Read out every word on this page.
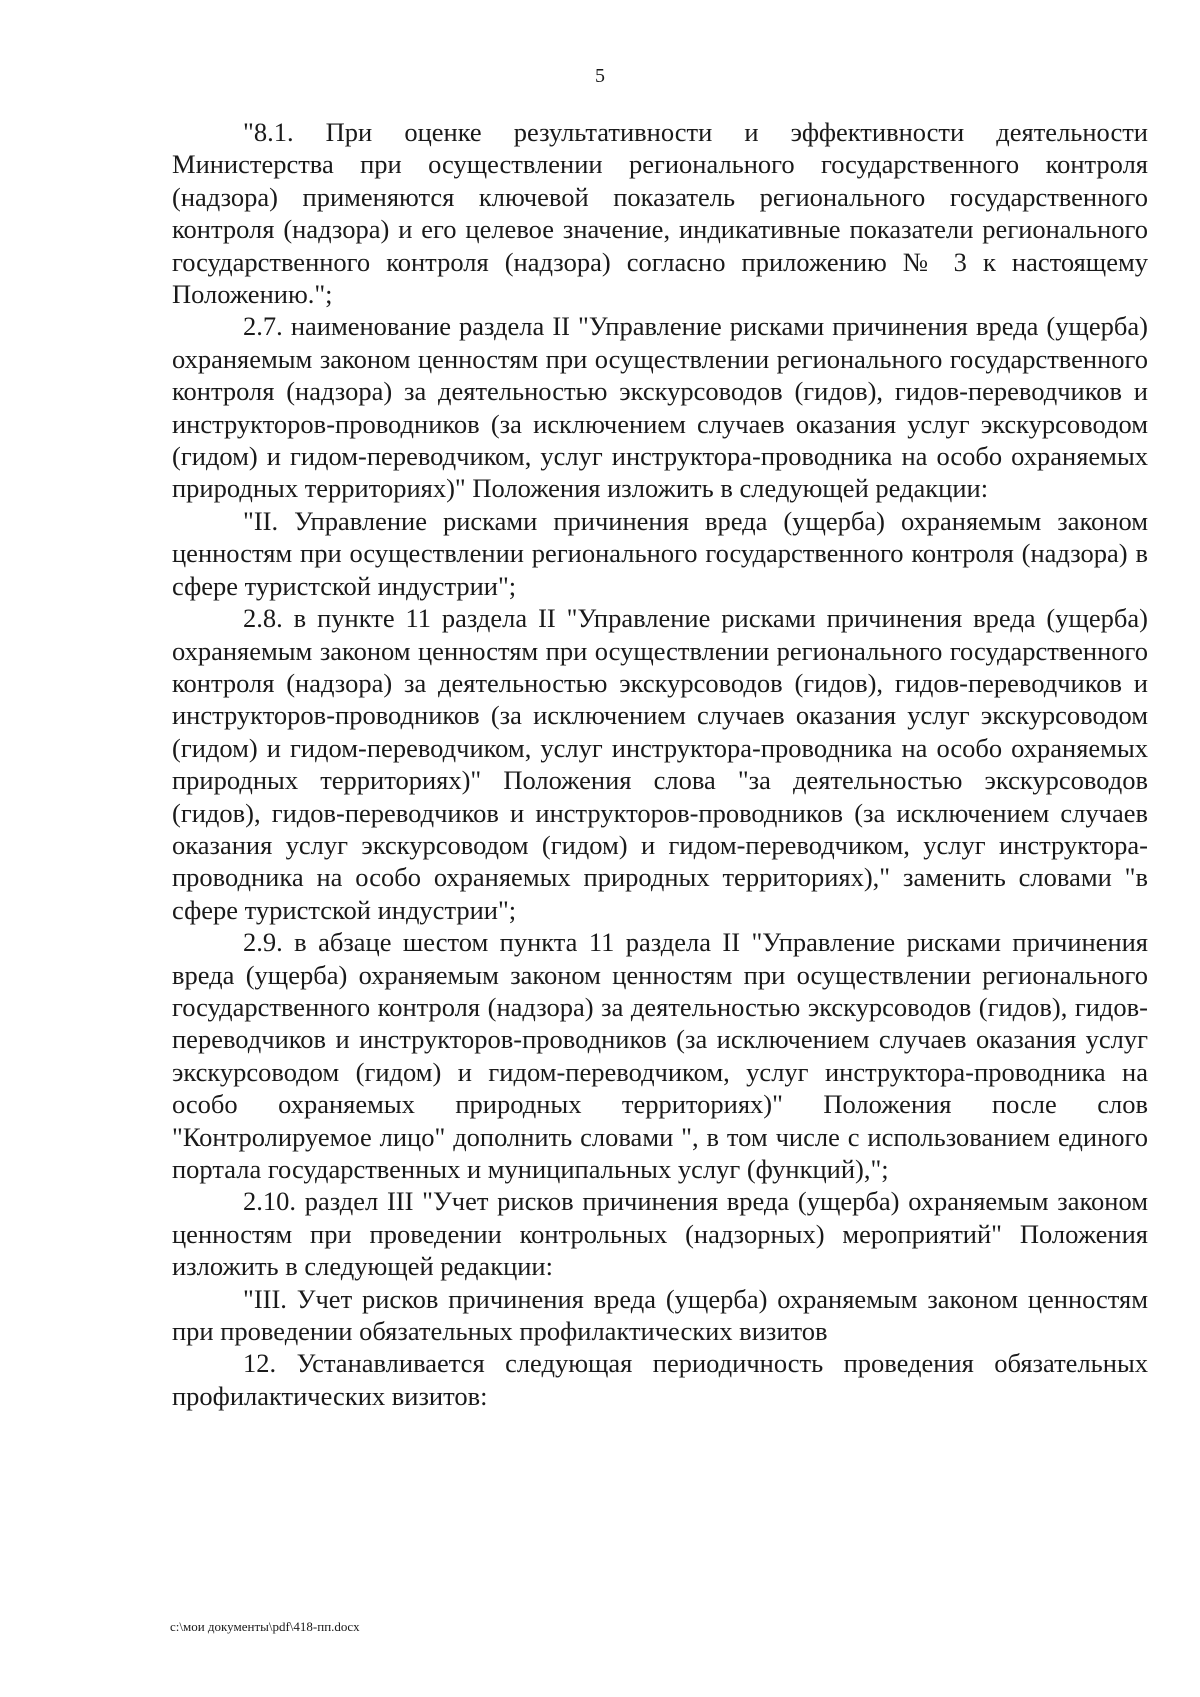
5

"8.1. При оценке результативности и эффективности деятельности Министерства при осуществлении регионального государственного контроля (надзора) применяются ключевой показатель регионального государственного контроля (надзора) и его целевое значение, индикативные показатели регионального государственного контроля (надзора) согласно приложению № 3 к настоящему Положению.";

2.7. наименование раздела II "Управление рисками причинения вреда (ущерба) охраняемым законом ценностям при осуществлении регионального государственного контроля (надзора) за деятельностью экскурсоводов (гидов), гидов-переводчиков и инструкторов-проводников (за исключением случаев оказания услуг экскурсоводом (гидом) и гидом-переводчиком, услуг инструктора-проводника на особо охраняемых природных территориях)" Положения изложить в следующей редакции:

"II. Управление рисками причинения вреда (ущерба) охраняемым законом ценностям при осуществлении регионального государственного контроля (надзора) в сфере туристской индустрии";

2.8. в пункте 11 раздела II "Управление рисками причинения вреда (ущерба) охраняемым законом ценностям при осуществлении регионального государственного контроля (надзора) за деятельностью экскурсоводов (гидов), гидов-переводчиков и инструкторов-проводников (за исключением случаев оказания услуг экскурсоводом (гидом) и гидом-переводчиком, услуг инструктора-проводника на особо охраняемых природных территориях)" Положения слова "за деятельностью экскурсоводов (гидов), гидов-переводчиков и инструкторов-проводников (за исключением случаев оказания услуг экскурсоводом (гидом) и гидом-переводчиком, услуг инструктора-проводника на особо охраняемых природных территориях)," заменить словами "в сфере туристской индустрии";

2.9. в абзаце шестом пункта 11 раздела II "Управление рисками причинения вреда (ущерба) охраняемым законом ценностям при осуществлении регионального государственного контроля (надзора) за деятельностью экскурсоводов (гидов), гидов-переводчиков и инструкторов-проводников (за исключением случаев оказания услуг экскурсоводом (гидом) и гидом-переводчиком, услуг инструктора-проводника на особо охраняемых природных территориях)" Положения после слов "Контролируемое лицо" дополнить словами ", в том числе с использованием единого портала государственных и муниципальных услуг (функций),";

2.10. раздел III "Учет рисков причинения вреда (ущерба) охраняемым законом ценностям при проведении контрольных (надзорных) мероприятий" Положения изложить в следующей редакции:

"III. Учет рисков причинения вреда (ущерба) охраняемым законом ценностям при проведении обязательных профилактических визитов

12. Устанавливается следующая периодичность проведения обязательных профилактических визитов:

c:\мои документы\pdf\418-пп.docx
